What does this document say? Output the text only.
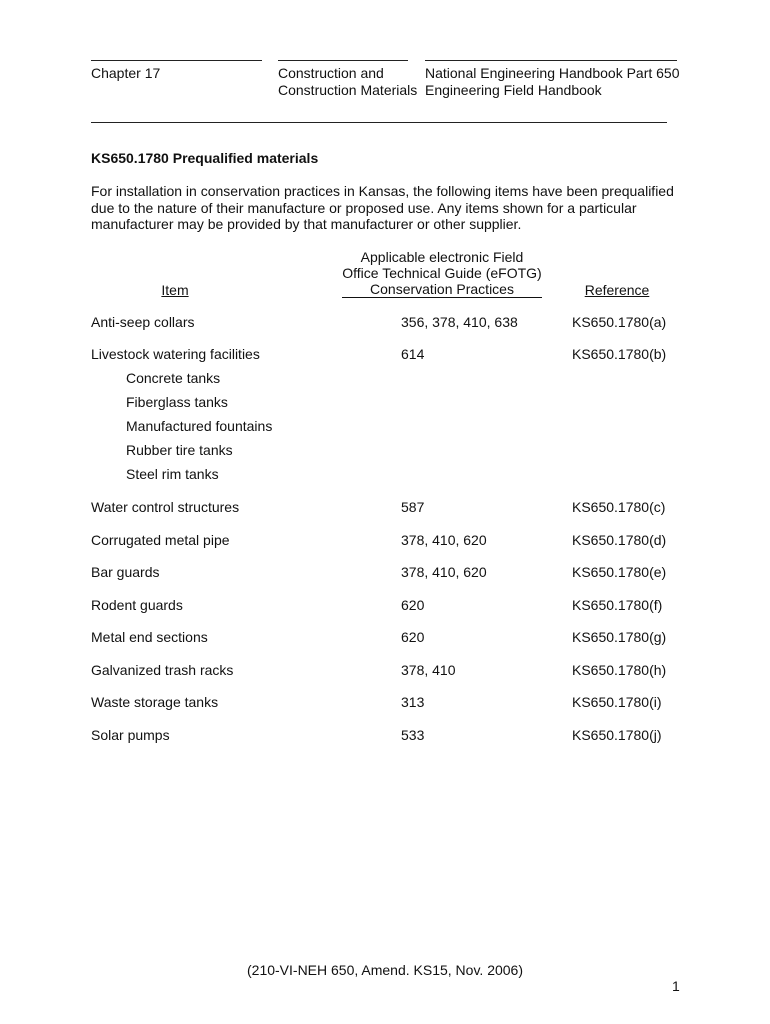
Chapter 17	Construction and
Construction Materials
National Engineering Handbook Part 650
Engineering Field Handbook
KS650.1780 Prequalified materials
For installation in conservation practices in Kansas, the following items have been prequalified due to the nature of their manufacture or proposed use. Any items shown for a particular manufacturer may be provided by that manufacturer or other supplier.
Item
Applicable electronic Field
Office Technical Guide (eFOTG)
Conservation Practices	Reference
Anti-seep collars	356, 378, 410, 638	KS650.1780(a)
Livestock watering facilities	614	KS650.1780(b)
Concrete tanks
Fiberglass tanks
Manufactured fountains
Rubber tire tanks
Steel rim tanks
Water control structures	587	KS650.1780(c)
Corrugated metal pipe	378, 410, 620	KS650.1780(d)
Bar guards	378, 410, 620	KS650.1780(e)
Rodent guards	620	KS650.1780(f)
Metal end sections	620	KS650.1780(g)
Galvanized trash racks	378, 410	KS650.1780(h)
Waste storage tanks	313	KS650.1780(i)
Solar pumps	533	KS650.1780(j)
(210-VI-NEH 650, Amend. KS15, Nov. 2006)
1
